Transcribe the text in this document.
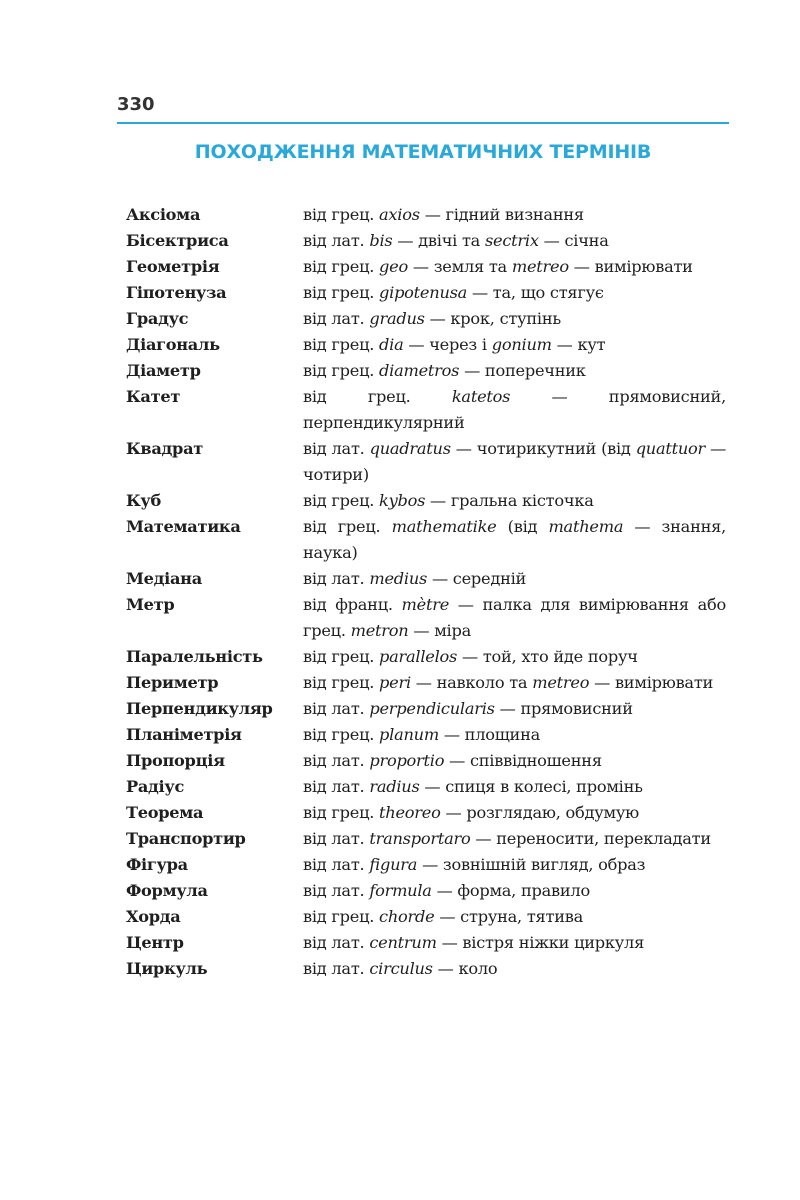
330
ПОХОДЖЕННЯ МАТЕМАТИЧНИХ ТЕРМІНІВ
Аксіома	від грец. axios — гідний визнання
Бісектриса	від лат. bis — двічі та sectrix — січна
Геометрія	від грец. geo — земля та metreo — вимірювати
Гіпотенуза	від грец. gipotenusa — та, що стягує
Градус	від лат. gradus — крок, ступінь
Діагональ	від грец. dia — через і gonium — кут
Діаметр	від грец. diametros — поперечник
Катет	від грец. katetos — прямовисний, перпендикулярний
Квадрат	від лат. quadratus — чотирикутний (від quattuor — чотири)
Куб	від грец. kybos — гральна кісточка
Математика	від грец. mathematike (від mathema — знання, наука)
Медіана	від лат. medius — середній
Метр	від франц. mètre — палка для вимірювання або грец. metron — міра
Паралельність	від грец. parallelos — той, хто йде поруч
Периметр	від грец. peri — навколо та metreo — вимірювати
Перпендикуляр	від лат. perpendicularis — прямовисний
Планіметрія	від грец. planum — площина
Пропорція	від лат. proportio — співвідношення
Радіус	від лат. radius — спиця в колесі, промінь
Теорема	від грец. theoreo — розглядаю, обдумую
Транспортир	від лат. transportaro — переносити, перекладати
Фігура	від лат. figura — зовнішній вигляд, образ
Формула	від лат. formula — форма, правило
Хорда	від грец. chorde — струна, тятива
Центр	від лат. centrum — вістря ніжки циркуля
Циркуль	від лат. circulus — коло
